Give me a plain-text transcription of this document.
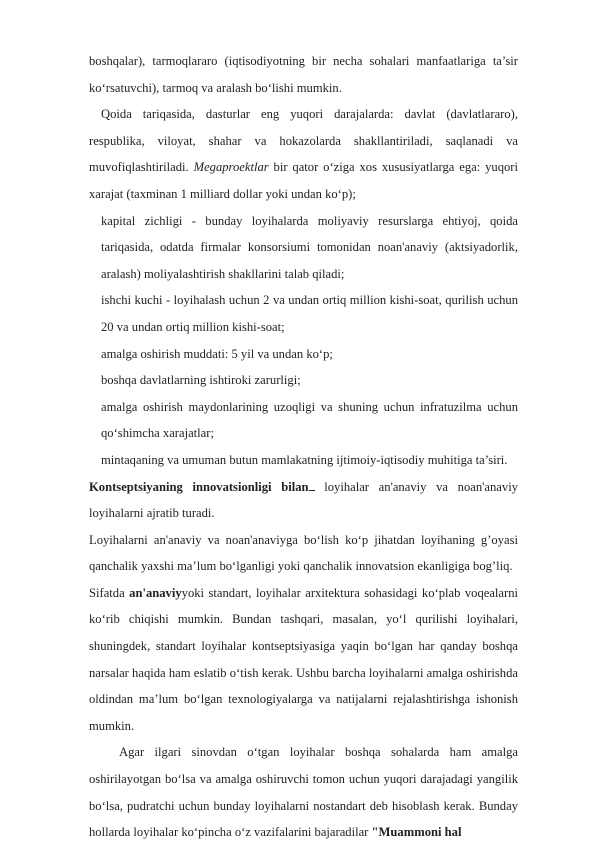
boshqalar), tarmoqlararo (iqtisodiyotning bir necha sohalari manfaatlariga ta’sir ko‘rsatuvchi), tarmoq va aralash bo‘lishi mumkin.

Qoida tariqasida, dasturlar eng yuqori darajalarda: davlat (davlatlararo), respublika, viloyat, shahar va hokazolarda shakllantiriladi, saqlanadi va muvofiqlashtiriladi. Megaproektlar bir qator o‘ziga xos xususiyatlarga ega: yuqori xarajat (taxminan 1 milliard dollar yoki undan ko‘p);

kapital zichligi - bunday loyihalarda moliyaviy resurslarga ehtiyoj, qoida tariqasida, odatda firmalar konsorsiumi tomonidan noan'anaviy (aktsiyadorlik, aralash) moliyalashtirish shakllarini talab qiladi;

ishchi kuchi - loyihalash uchun 2 va undan ortiq million kishi-soat, qurilish uchun 20 va undan ortiq million kishi-soat;

amalga oshirish muddati: 5 yil va undan ko‘p;

boshqa davlatlarning ishtiroki zarurligi;

amalga oshirish maydonlarining uzoqligi va shuning uchun infratuzilma uchun qo‘shimcha xarajatlar;

mintaqaning va umuman butun mamlakatning ijtimoiy-iqtisodiy muhitiga ta’siri.

Kontseptsiyaning innovatsionligi bilan loyihalar an'anaviy va noan'anaviy loyihalarni ajratib turadi.

Loyihalarni an'anaviy va noan'anaviyga bo‘lish ko‘p jihatdan loyihaning g’oyasi qanchalik yaxshi ma’lum bo‘lganligi yoki qanchalik innovatsion ekanligiga bog’liq.

Sifatda an'anaviyyoki standart, loyihalar arxitektura sohasidagi ko‘plab voqealarni ko‘rib chiqishi mumkin. Bundan tashqari, masalan, yo‘l qurilishi loyihalari, shuningdek, standart loyihalar kontseptsiyasiga yaqin bo‘lgan har qanday boshqa narsalar haqida ham eslatib o‘tish kerak. Ushbu barcha loyihalarni amalga oshirishda oldindan ma’lum bo‘lgan texnologiyalarga va natijalarni rejalashtirishga ishonish mumkin.

Agar ilgari sinovdan o‘tgan loyihalar boshqa sohalarda ham amalga oshirilayotgan bo‘lsa va amalga oshiruvchi tomon uchun yuqori darajadagi yangilik bo‘lsa, pudratchi uchun bunday loyihalarni nostandart deb hisoblash kerak. Bunday hollarda loyihalar ko‘pincha o‘z vazifalarini bajaradilar "Muammoni hal
